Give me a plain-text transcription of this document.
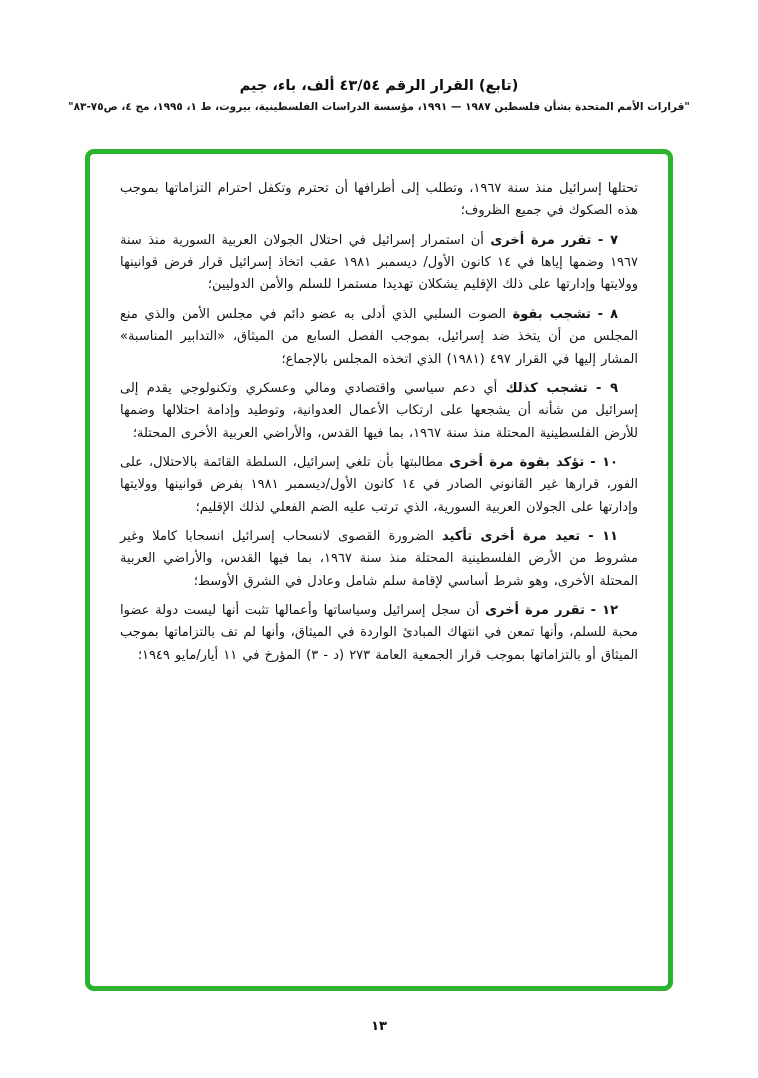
(تابع) القرار الرقم ٤٣/٥٤ ألف، باء، جيم
"قرارات الأمم المتحدة بشأن فلسطين ١٩٨٧ — ١٩٩١، مؤسسة الدراسات الفلسطينية، بيروت، ط ١، ١٩٩٥، مج ٤، ص٧٥-٨٣"

تحتلها إسرائيل منذ سنة ١٩٦٧، وتطلب إلى أطرافها أن تحترم وتكفل احترام التزاماتها بموجب هذه الصكوك في جميع الظروف؛

٧ - تقرر مرة أخرى أن استمرار إسرائيل في احتلال الجولان العربية السورية منذ سنة ١٩٦٧ وضمها إياها في ١٤ كانون الأول/ ديسمبر ١٩٨١ عقب اتخاذ إسرائيل قرار فرض قوانينها وولايتها وإدارتها على ذلك الإقليم يشكلان تهديدا مستمرا للسلم والأمن الدوليين؛

٨ - تشجب بقوة الصوت السلبي الذي أدلى به عضو دائم في مجلس الأمن والذي منع المجلس من أن يتخذ ضد إسرائيل، بموجب الفصل السابع من الميثاق، «التدابير المناسبة» المشار إليها في القرار ٤٩٧ (١٩٨١) الذي اتخذه المجلس بالإجماع؛

٩ - تشجب كذلك أي دعم سياسي واقتصادي ومالي وعسكري وتكنولوجي يقدم إلى إسرائيل من شأنه أن يشجعها على ارتكاب الأعمال العدوانية، وتوطيد وإدامة احتلالها وضمها للأرض الفلسطينية المحتلة منذ سنة ١٩٦٧، بما فيها القدس، والأراضي العربية الأخرى المحتلة؛

١٠ - تؤكد بقوة مرة أخرى مطالبتها بأن تلغي إسرائيل، السلطة القائمة بالاحتلال، على الفور، قرارها غير القانوني الصادر في ١٤ كانون الأول/ديسمبر ١٩٨١ بفرض قوانينها وولايتها وإدارتها على الجولان العربية السورية، الذي ترتب عليه الضم الفعلي لذلك الإقليم؛

١١ - تعيد مرة أخرى تأكيد الضرورة القصوى لانسحاب إسرائيل انسحابا كاملا وغير مشروط من الأرض الفلسطينية المحتلة منذ سنة ١٩٦٧، بما فيها القدس، والأراضي العربية المحتلة الأخرى، وهو شرط أساسي لإقامة سلم شامل وعادل في الشرق الأوسط؛

١٢ - تقرر مرة أخرى أن سجل إسرائيل وسياساتها وأعمالها تثبت أنها ليست دولة عضوا محبة للسلم، وأنها تمعن في انتهاك المبادئ الواردة في الميثاق، وأنها لم تف بالتزاماتها بموجب الميثاق أو بالتزاماتها بموجب قرار الجمعية العامة ٢٧٣ (د - ٣) المؤرخ في ١١ أيار/مايو ١٩٤٩؛

١٣
